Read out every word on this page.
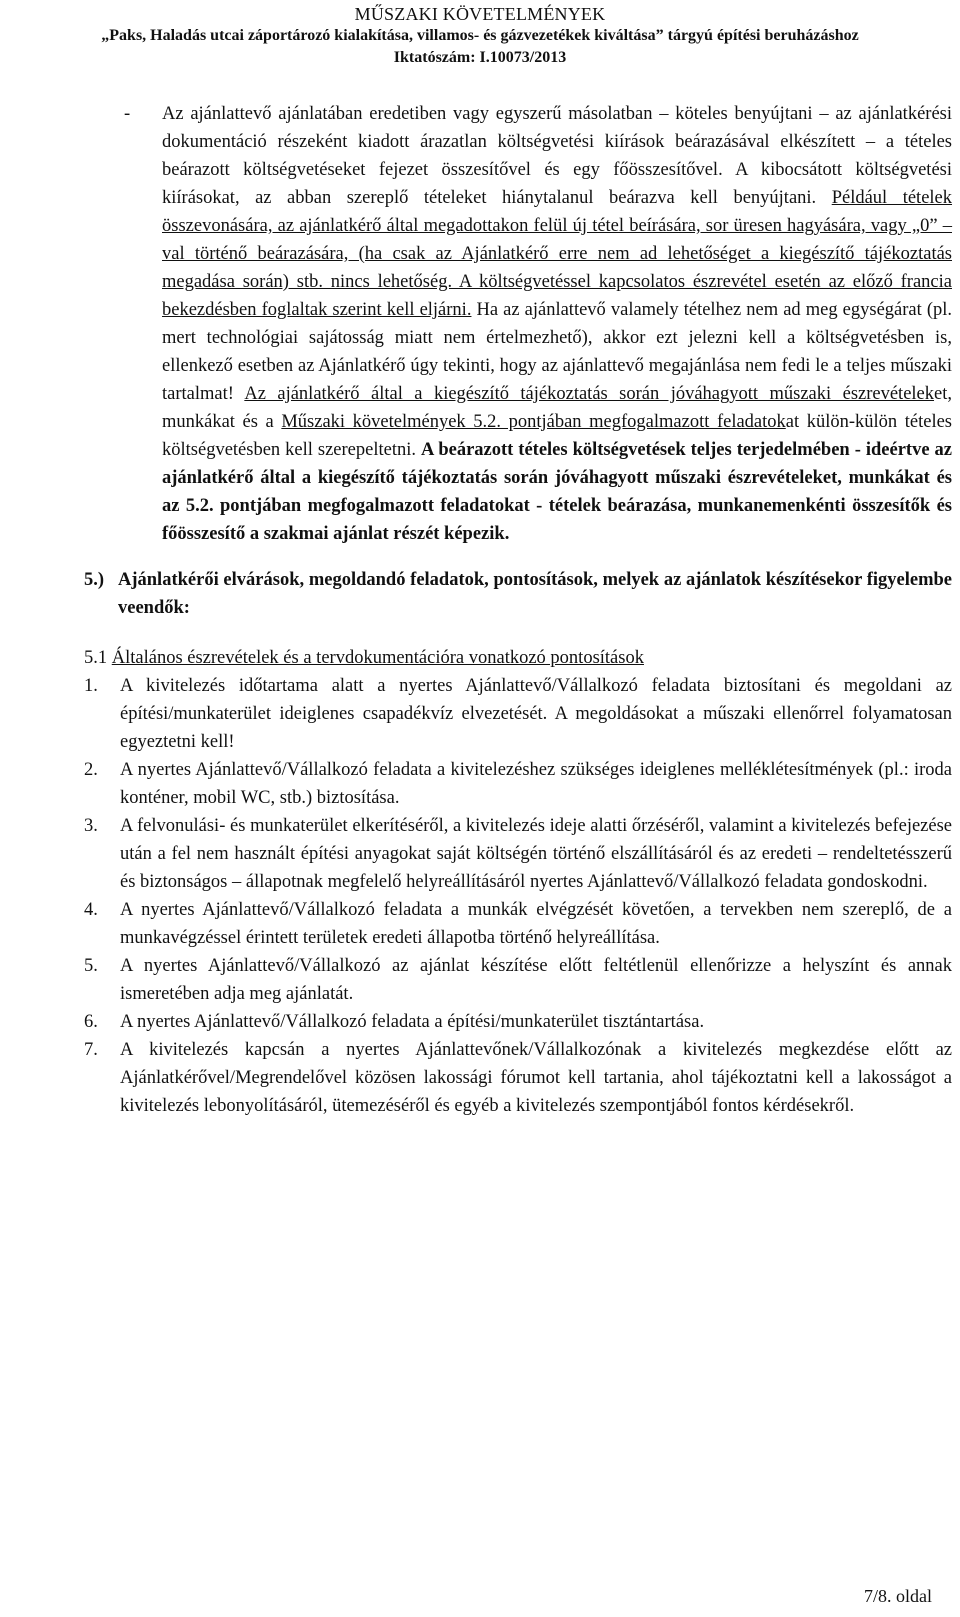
MŰSZAKI KÖVETELMÉNYEK
„Paks, Haladás utcai záportározó kialakítása, villamos- és gázvezetékek kiváltása” tárgyú építési beruházáshoz
Iktatószám: I.10073/2013
- Az ajánlattevő ajánlatában eredetiben vagy egyszerű másolatban – köteles benyújtani – az ajánlatkérési dokumentáció részeként kiadott árazatlan költségvetési kiírások beárazásával elkészített – a tételes beárazott költségvetéseket fejezet összesítővel és egy főösszesítővel. A kibocsátott költségvetési kiírásokat, az abban szereplő tételeket hiánytalanul beárazva kell benyújtani. Például tételek összevonására, az ajánlatkérő által megadottakon felül új tétel beírására, sor üresen hagyására, vagy „0” –val történő beárazására, (ha csak az Ajánlatkérő erre nem ad lehetőséget a kiegészítő tájékoztatás megadása során) stb. nincs lehetőség. A költségvetéssel kapcsolatos észrevétel esetén az előző francia bekezdésben foglaltak szerint kell eljárni. Ha az ajánlattevő valamely tételhez nem ad meg egységárat (pl. mert technológiai sajátosság miatt nem értelmezhető), akkor ezt jelezni kell a költségvetésben is, ellenkező esetben az Ajánlatkérő úgy tekinti, hogy az ajánlattevő megajánlása nem fedi le a teljes műszaki tartalmat! Az ajánlatkérő által a kiegészítő tájékoztatás során jóváhagyott műszaki észrevételeket, munkákat és a Műszaki követelmények 5.2. pontjában megfogalmazott feladatokat külön-külön tételes költségvetésben kell szerepeltetni. A beárazott tételes költségvetések teljes terjedelmében - ideértve az ajánlatkérő által a kiegészítő tájékoztatás során jóváhagyott műszaki észrevételeket, munkákat és az 5.2. pontjában megfogalmazott feladatokat - tételek beárazása, munkanemenkénti összesítők és főösszesítő a szakmai ajánlat részét képezik.
5.) Ajánlatkérői elvárások, megoldandó feladatok, pontosítások, melyek az ajánlatok készítésekor figyelembe veendők:
5.1 Általános észrevételek és a tervdokumentációra vonatkozó pontosítások
1. A kivitelezés időtartama alatt a nyertes Ajánlattevő/Vállalkozó feladata biztosítani és megoldani az építési/munkaterület ideiglenes csapadékvíz elvezetését. A megoldásokat a műszaki ellenőrrel folyamatosan egyeztetni kell!
2. A nyertes Ajánlattevő/Vállalkozó feladata a kivitelezéshez szükséges ideiglenes melléklétesítmények (pl.: iroda konténer, mobil WC, stb.) biztosítása.
3. A felvonulási- és munkaterület elkerítéséről, a kivitelezés ideje alatti őrzéséről, valamint a kivitelezés befejezése után a fel nem használt építési anyagokat saját költségén történő elszállításáról és az eredeti – rendeltetésszerű és biztonságos – állapotnak megfelelő helyreállításáról nyertes Ajánlattevő/Vállalkozó feladata gondoskodni.
4. A nyertes Ajánlattevő/Vállalkozó feladata a munkák elvégzését követően, a tervekben nem szereplő, de a munkavégzéssel érintett területek eredeti állapotba történő helyreállítása.
5. A nyertes Ajánlattevő/Vállalkozó az ajánlat készítése előtt feltétlenül ellenőrizze a helyszínt és annak ismeretében adja meg ajánlatát.
6. A nyertes Ajánlattevő/Vállalkozó feladata a építési/munkaterület tisztántartása.
7. A kivitelezés kapcsán a nyertes Ajánlattevőnek/Vállalkozónak a kivitelezés megkezdése előtt az Ajánlatkérővel/Megrendelővel közösen lakossági fórumot kell tartania, ahol tájékoztatni kell a lakosságot a kivitelezés lebonyolításáról, ütemezéséről és egyéb a kivitelezés szempontjából fontos kérdésekről.
7/8. oldal
